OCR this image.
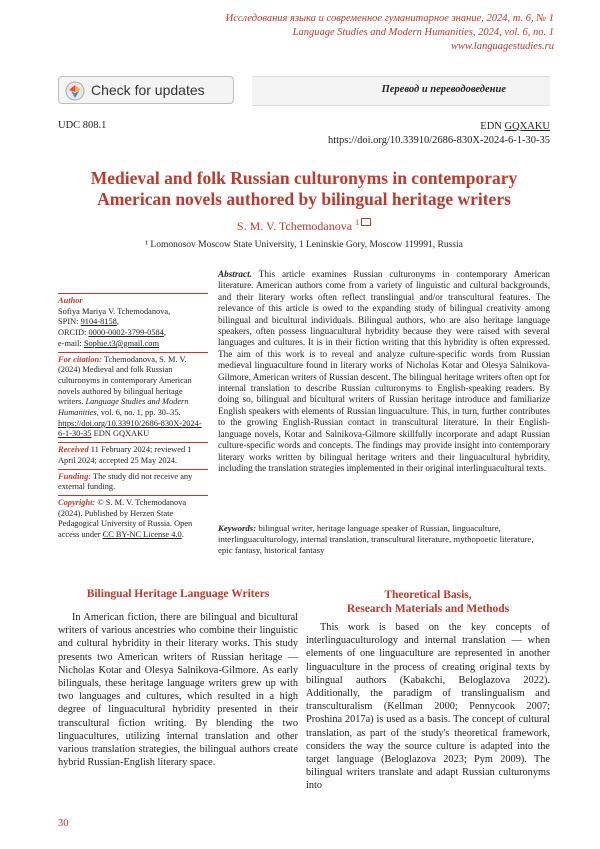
Исследования языка и современное гуманитарное знание, 2024, т. 6, № 1
Language Studies and Modern Humanities, 2024, vol. 6, no. 1
www.languagestudies.ru
Check for updates	Перевод и переводоведение
UDC 808.1	EDN GQXAKU
https://doi.org/10.33910/2686-830X-2024-6-1-30-35
Medieval and folk Russian culturonyms in contemporary
American novels authored by bilingual heritage writers
S. M. V. Tchemodanova $^1$
¹ Lomonosov Moscow State University, 1 Leninskie Gory, Moscow 119991, Russia
Author
Sofiya Mariya V. Tchemodanova,
SPIN: 9104-8158,
ORCID: 0000-0002-3799-0584,
e-mail: Sophie.t3@gmail.com
For citation: Tchemodanova, S. M. V. (2024) Medieval and folk Russian culturonyms in contemporary American novels authored by bilingual heritage writers. Language Studies and Modern Humanities, vol. 6, no. 1, pp. 30–35. https://doi.org/10.33910/2686-830X-2024-6-1-30-35 EDN GQXAKU
Received 11 February 2024; reviewed 1 April 2024; accepted 25 May 2024.
Funding: The study did not receive any external funding.
Copyright: © S. M. V. Tchemodanova (2024). Published by Herzen State Pedagogical University of Russia. Open access under CC BY-NC License 4.0.
Abstract. This article examines Russian culturonyms in contemporary American literature. American authors come from a variety of linguistic and cultural backgrounds, and their literary works often reflect translingual and/or transcultural features. The relevance of this article is owed to the expanding study of bilingual creativity among bilingual and bicultural individuals. Bilingual authors, who are also heritage language speakers, often possess linguacultural hybridity because they were raised with several languages and cultures. It is in their fiction writing that this hybridity is often expressed. The aim of this work is to reveal and analyze culture-specific words from Russian medieval linguaculture found in literary works of Nicholas Kotar and Olesya Salnikova-Gilmore, American writers of Russian descent. The bilingual heritage writers often opt for internal translation to describe Russian culturonyms to English-speaking readers. By doing so, bilingual and bicultural writers of Russian heritage introduce and familiarize English speakers with elements of Russian linguaculture. This, in turn, further contributes to the growing English-Russian contact in transcultural literature. In their English-language novels, Kotar and Salnikova-Gilmore skillfully incorporate and adapt Russian culture-specific words and concepts. The findings may provide insight into contemporary literary works written by bilingual heritage writers and their linguacultural hybridity, including the translation strategies implemented in their original interlinguacultural texts.
Keywords: bilingual writer, heritage language speaker of Russian, linguaculture, interlinguaculturology, internal translation, transcultural literature, mythopoetic literature, epic fantasy, historical fantasy
Bilingual Heritage Language Writers	Theoretical Basis,
Research Materials and Methods

In American fiction, there are bilingual and bicultural writers of various ancestries who combine their linguistic and cultural hybridity in their literary works. This study presents two American writers of Russian heritage — Nicholas Kotar and Olesya Salnikova-Gilmore. As early bilinguals, these heritage language writers grew up with two languages and cultures, which resulted in a high degree of linguacultural hybridity presented in their transcultural fiction writing. By blending the two linguacultures, utilizing internal translation and other various translation strategies, the bilingual authors create hybrid Russian-English literary space.

This work is based on the key concepts of interlinguaculturology and internal translation — when elements of one linguaculture are represented in another linguaculture in the process of creating original texts by bilingual authors (Kabakchi, Beloglazova 2022). Additionally, the paradigm of translingualism and transculturalism (Kellman 2000; Pennycook 2007; Proshina 2017a) is used as a basis. The concept of cultural translation, as part of the study's theoretical framework, considers the way the source culture is adapted into the target language (Beloglazova 2023; Pym 2009). The bilingual writers translate and adapt Russian culturonyms into

30
